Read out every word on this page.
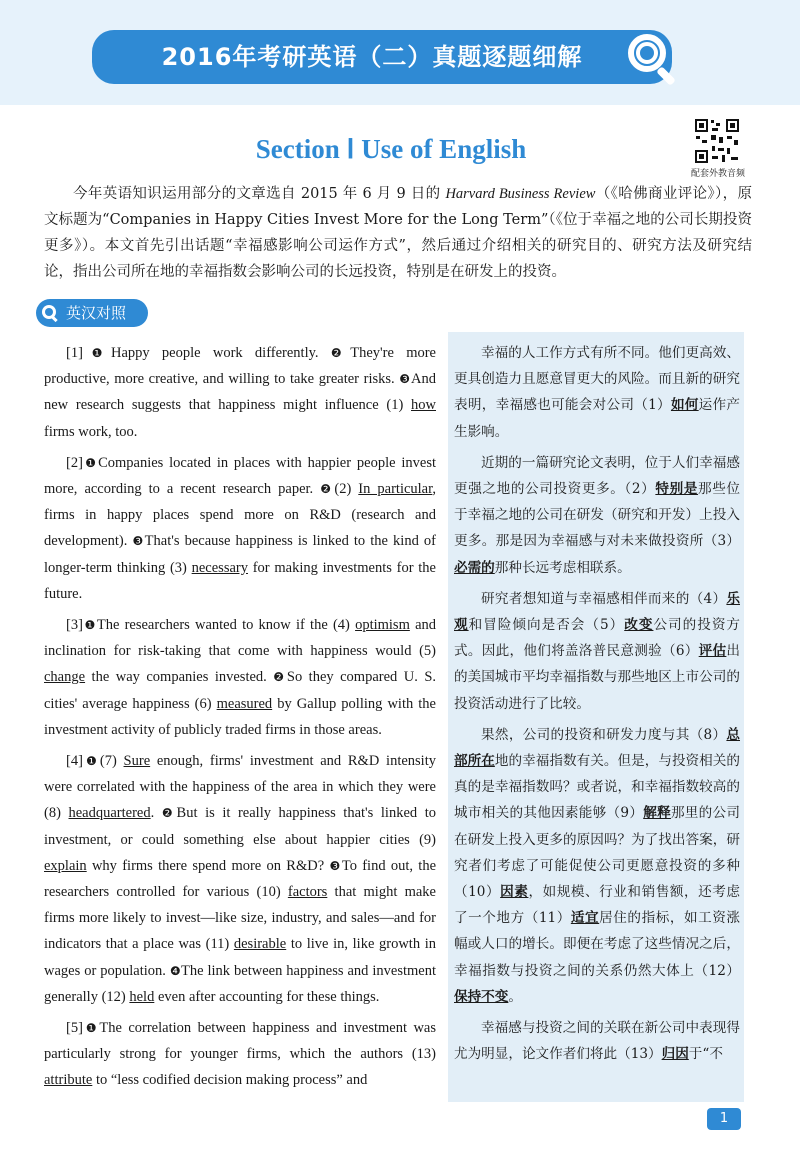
2016年考研英语（二）真题逐题细解
Section Ⅰ Use of English
配套外教音频
今年英语知识运用部分的文章选自 2015 年 6 月 9 日的 Harvard Business Review（《哈佛商业评论》），原文标题为“Companies in Happy Cities Invest More for the Long Term”（《位于幸福之地的公司长期投资更多》）。本文首先引出话题“幸福感影响公司运作方式”，然后通过介绍相关的研究目的、研究方法及研究结论，指出公司所在地的幸福指数会影响公司的长远投资，特别是在研发上的投资。
英汉对照

[1]❶Happy people work differently. ❷They're more productive, more creative, and willing to take greater risks. ❸And new research suggests that happiness might influence (1) how firms work, too.

[2]❶Companies located in places with happier people invest more, according to a recent research paper. ❷(2) In particular, firms in happy places spend more on R&D (research and development). ❸That's because happiness is linked to the kind of longer-term thinking (3) necessary for making investments for the future.

[3]❶The researchers wanted to know if the (4) optimism and inclination for risk-taking that come with happiness would (5) change the way companies invested. ❷So they compared U. S. cities' average happiness (6) measured by Gallup polling with the investment activity of publicly traded firms in those areas.

[4]❶(7) Sure enough, firms' investment and R&D intensity were correlated with the happiness of the area in which they were (8) headquartered. ❷But is it really happiness that's linked to investment, or could something else about happier cities (9) explain why firms there spend more on R&D? ❸To find out, the researchers controlled for various (10) factors that might make firms more likely to invest—like size, industry, and sales—and for indicators that a place was (11) desirable to live in, like growth in wages or population. ❹The link between happiness and investment generally (12) held even after accounting for these things.

[5]❶The correlation between happiness and investment was particularly strong for younger firms, which the authors (13) attribute to “less codified decision making process” and

幸福的人工作方式有所不同。他们更高效、更具创造力且愿意冒更大的风险。而且新的研究表明，幸福感也可能会对公司（1）如何运作产生影响。

近期的一篇研究论文表明，位于人们幸福感更强之地的公司投资更多。（2）特别是那些位于幸福之地的公司在研发（研究和开发）上投入更多。那是因为幸福感与对未来做投资所（3）必需的那种长远考虑相联系。

研究者想知道与幸福感相伴而来的（4）乐观和冒险倾向是否会（5）改变公司的投资方式。因此，他们将盖洛普民意测验（6）评估出的美国城市平均幸福指数与那些地区上市公司的投资活动进行了比较。

果然，公司的投资和研发力度与其（8）总部所在地的幸福指数有关。但是，与投资相关的真的是幸福指数吗？或者说，和幸福指数较高的城市相关的其他因素能够（9）解释那里的公司在研发上投入更多的原因吗？为了找出答案，研究者们考虑了可能促使公司更愿意投资的多种（10）因素，如规模、行业和销售额，还考虑了一个地方（11）适宜居住的指标，如工资涨幅或人口的增长。即便在考虑了这些情况之后，幸福指数与投资之间的关系仍然大体上（12）保持不变。

幸福感与投资之间的关联在新公司中表现得尤为明显，论文作者们将此（13）归因于“不

1
